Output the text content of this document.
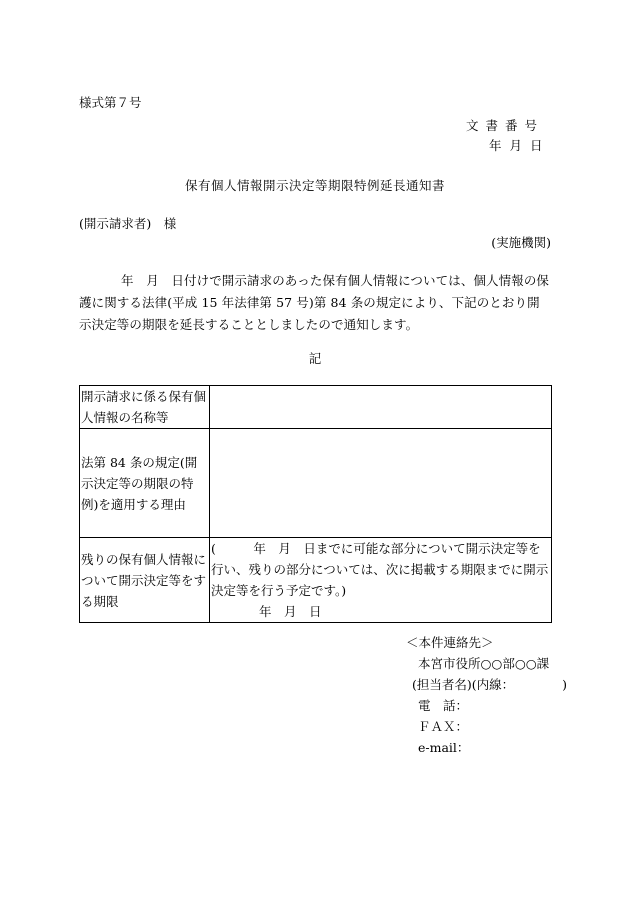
様式第７号
文書番号
年月日
保有個人情報開示決定等期限特例延長通知書
(開示請求者)　様
(実施機関)
年　月　日付けで開示請求のあった保有個人情報については、個人情報の保護に関する法律(平成 15 年法律第 57 号)第 84 条の規定により、下記のとおり開示決定等の期限を延長することとしましたので通知します。
記
開示請求に係る保有個人情報の名称等	
法第 84 条の規定(開示決定等の期限の特例)を適用する理由	
残りの保有個人情報について開示決定等をする期限	(　　　年　月　日までに可能な部分について開示決定等を行い、残りの部分については、次に掲載する期限までに開示決定等を行う予定です。)
年　月　日
＜本件連絡先＞
本宮市役所○○部○○課
(担当者名)(内線：	)
電　話：
ＦＡＸ：
e-mail：
